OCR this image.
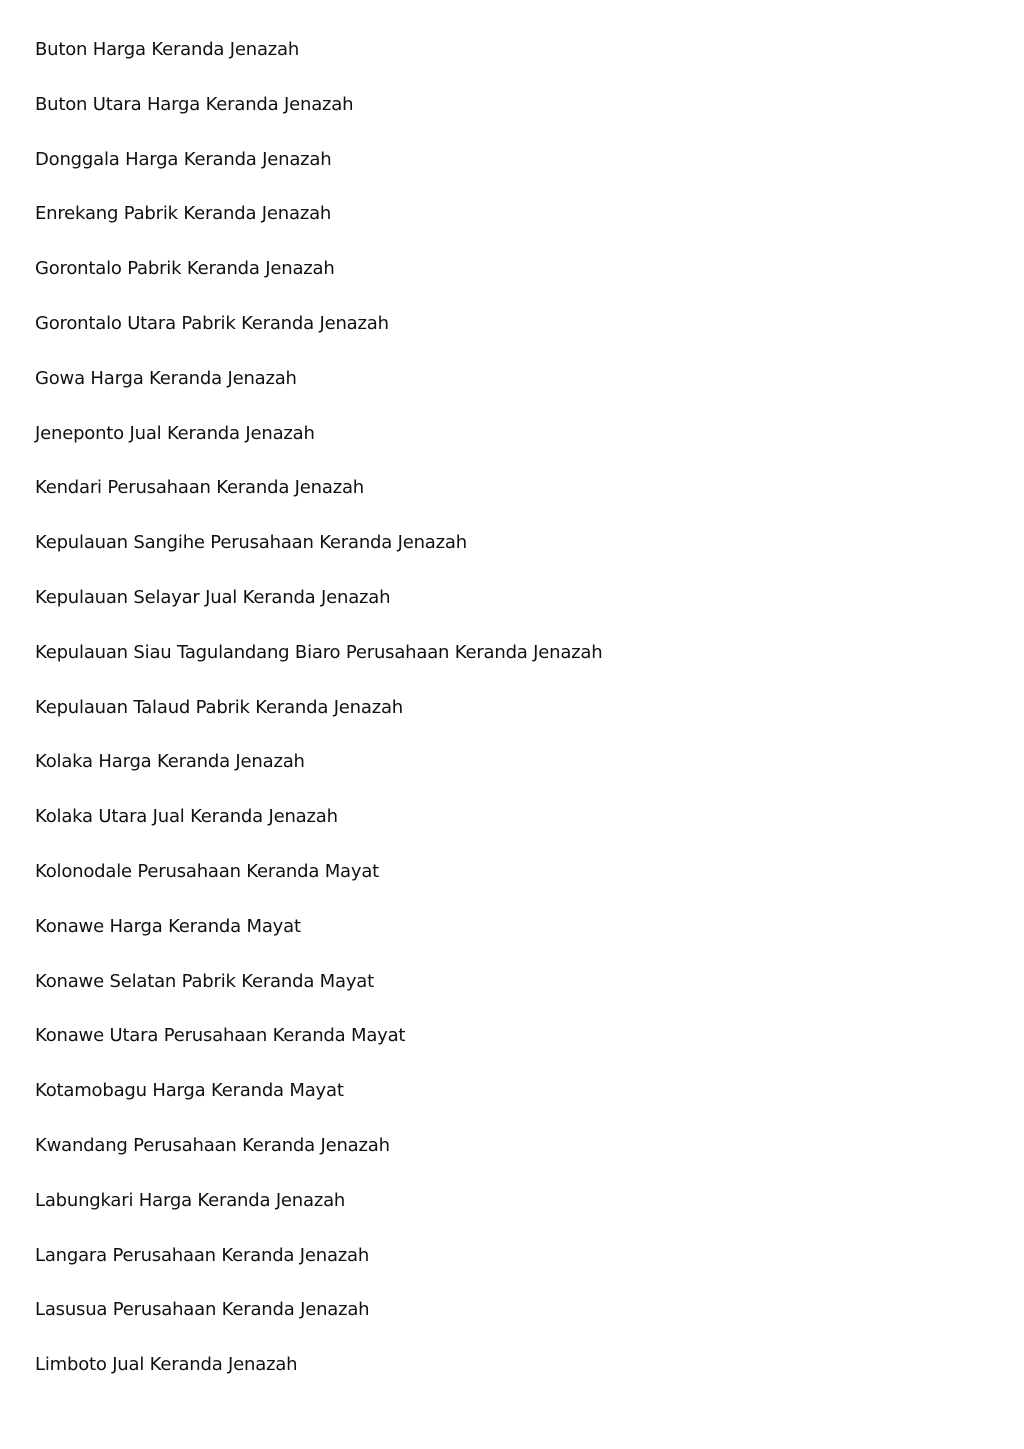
Buton Harga Keranda Jenazah
Buton Utara Harga Keranda Jenazah
Donggala Harga Keranda Jenazah
Enrekang Pabrik Keranda Jenazah
Gorontalo Pabrik Keranda Jenazah
Gorontalo Utara Pabrik Keranda Jenazah
Gowa Harga Keranda Jenazah
Jeneponto Jual Keranda Jenazah
Kendari Perusahaan Keranda Jenazah
Kepulauan Sangihe Perusahaan Keranda Jenazah
Kepulauan Selayar Jual Keranda Jenazah
Kepulauan Siau Tagulandang Biaro Perusahaan Keranda Jenazah
Kepulauan Talaud Pabrik Keranda Jenazah
Kolaka Harga Keranda Jenazah
Kolaka Utara Jual Keranda Jenazah
Kolonodale Perusahaan Keranda Mayat
Konawe Harga Keranda Mayat
Konawe Selatan Pabrik Keranda Mayat
Konawe Utara Perusahaan Keranda Mayat
Kotamobagu Harga Keranda Mayat
Kwandang Perusahaan Keranda Jenazah
Labungkari Harga Keranda Jenazah
Langara Perusahaan Keranda Jenazah
Lasusua Perusahaan Keranda Jenazah
Limboto Jual Keranda Jenazah
